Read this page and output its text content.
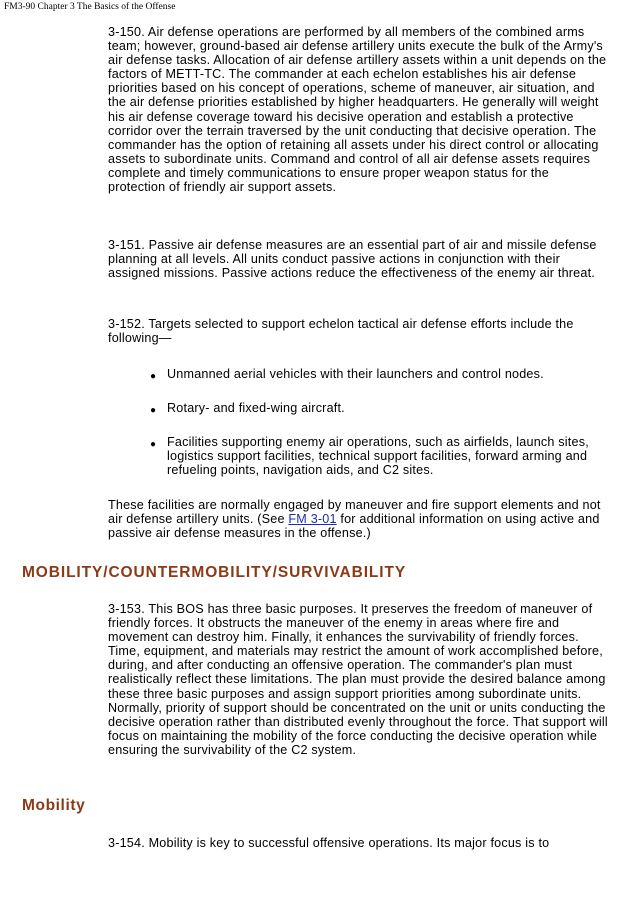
FM3-90 Chapter 3 The Basics of the Offense

3-150. Air defense operations are performed by all members of the combined arms team; however, ground-based air defense artillery units execute the bulk of the Army's air defense tasks. Allocation of air defense artillery assets within a unit depends on the factors of METT-TC. The commander at each echelon establishes his air defense priorities based on his concept of operations, scheme of maneuver, air situation, and the air defense priorities established by higher headquarters. He generally will weight his air defense coverage toward his decisive operation and establish a protective corridor over the terrain traversed by the unit conducting that decisive operation. The commander has the option of retaining all assets under his direct control or allocating assets to subordinate units. Command and control of all air defense assets requires complete and timely communications to ensure proper weapon status for the protection of friendly air support assets.

3-151. Passive air defense measures are an essential part of air and missile defense planning at all levels. All units conduct passive actions in conjunction with their assigned missions. Passive actions reduce the effectiveness of the enemy air threat.

3-152. Targets selected to support echelon tactical air defense efforts include the following—

● Unmanned aerial vehicles with their launchers and control nodes.
● Rotary- and fixed-wing aircraft.
● Facilities supporting enemy air operations, such as airfields, launch sites, logistics support facilities, technical support facilities, forward arming and refueling points, navigation aids, and C2 sites.

These facilities are normally engaged by maneuver and fire support elements and not air defense artillery units. (See FM 3-01 for additional information on using active and passive air defense measures in the offense.)

MOBILITY/COUNTERMOBILITY/SURVIVABILITY

3-153. This BOS has three basic purposes. It preserves the freedom of maneuver of friendly forces. It obstructs the maneuver of the enemy in areas where fire and movement can destroy him. Finally, it enhances the survivability of friendly forces. Time, equipment, and materials may restrict the amount of work accomplished before, during, and after conducting an offensive operation. The commander's plan must realistically reflect these limitations. The plan must provide the desired balance among these three basic purposes and assign support priorities among subordinate units. Normally, priority of support should be concentrated on the unit or units conducting the decisive operation rather than distributed evenly throughout the force. That support will focus on maintaining the mobility of the force conducting the decisive operation while ensuring the survivability of the C2 system.

Mobility

3-154. Mobility is key to successful offensive operations. Its major focus is to
